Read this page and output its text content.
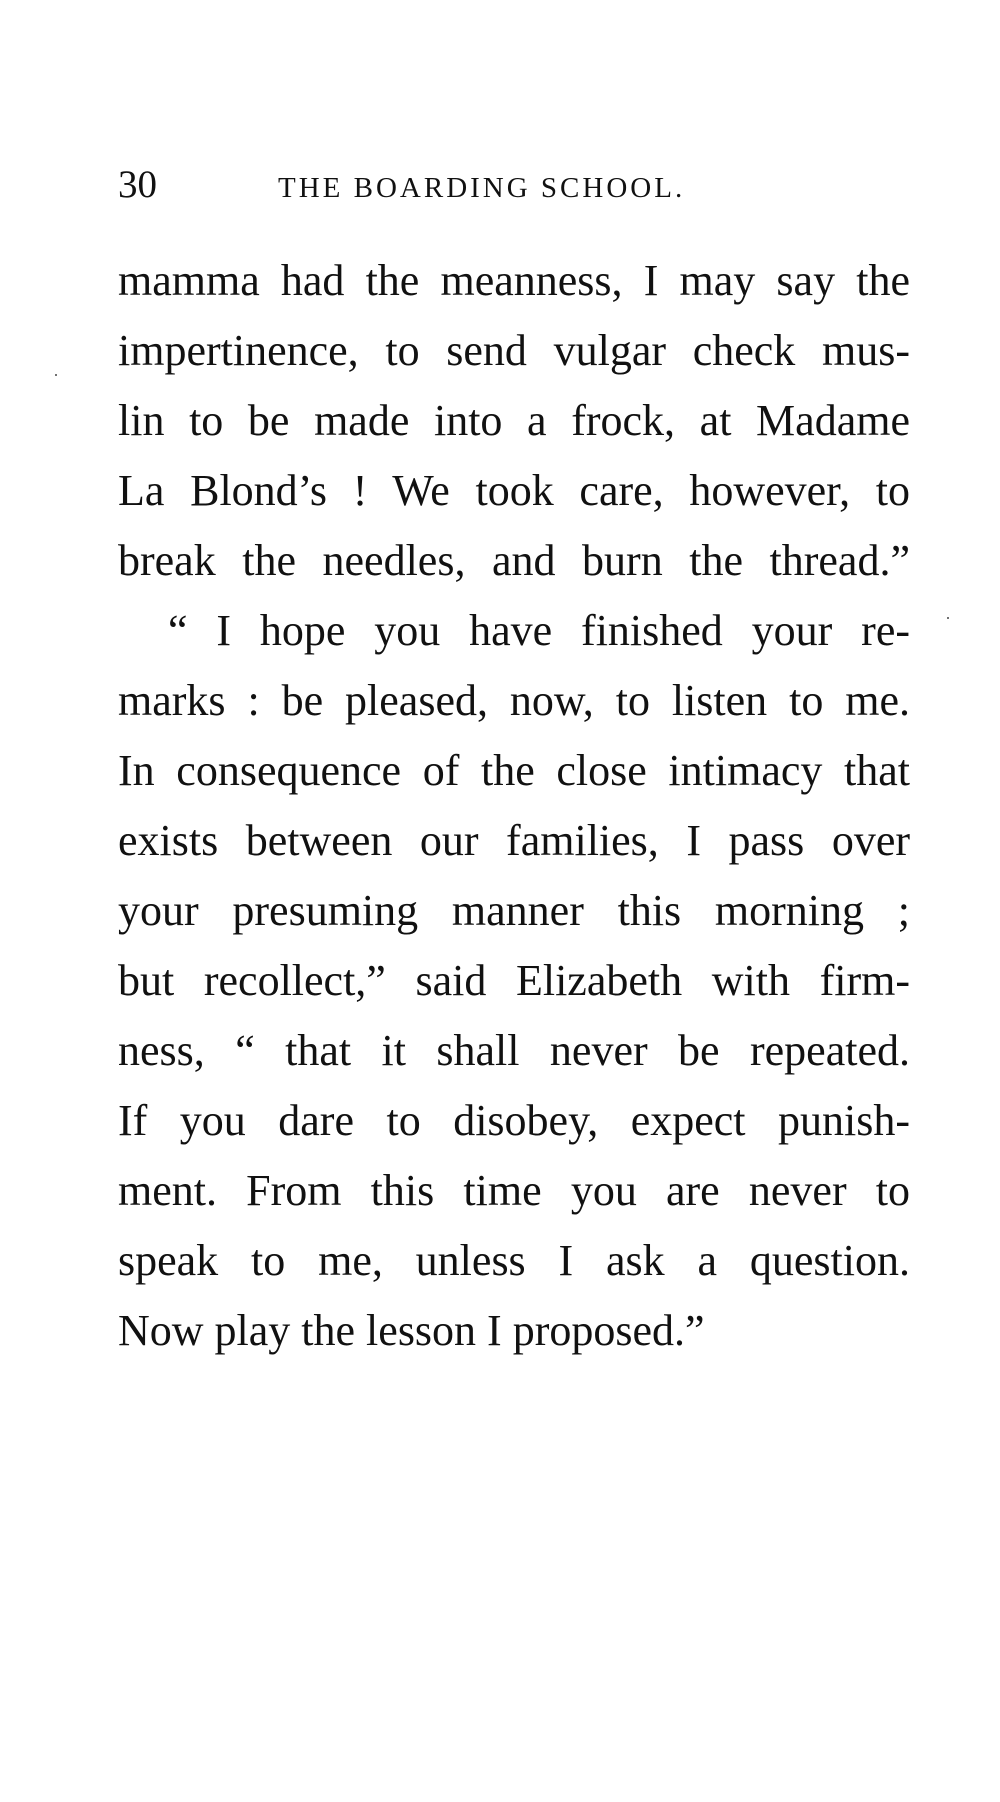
30	THE BOARDING SCHOOL.
mamma had the meanness, I may say the
impertinence, to send vulgar check mus-
lin to be made into a frock, at Madame
La Blond’s ! We took care, however, to
break the needles, and burn the thread.”
“ I hope you have finished your re-
marks : be pleased, now, to listen to me.
In consequence of the close intimacy that
exists between our families, I pass over
your presuming manner this morning ;
but recollect,” said Elizabeth with firm-
ness, “ that it shall never be repeated.
If you dare to disobey, expect punish-
ment. From this time you are never to
speak to me, unless I ask a question.
Now play the lesson I proposed.”
